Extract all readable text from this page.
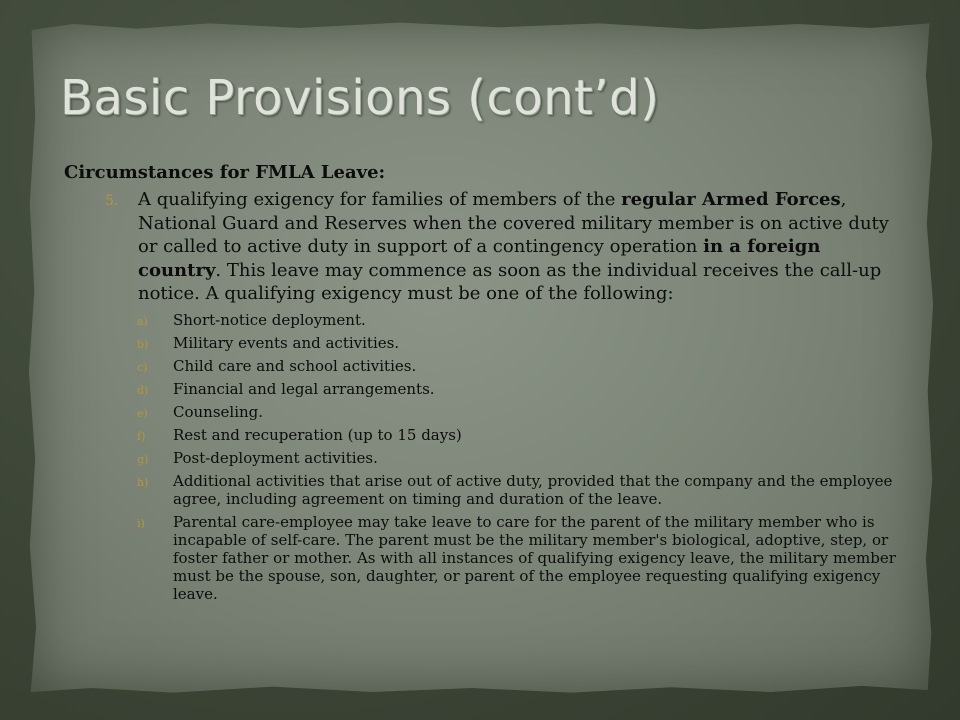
Basic Provisions (cont’d)

Circumstances for FMLA Leave:

5. A qualifying exigency for families of members of the regular Armed Forces, National Guard and Reserves when the covered military member is on active duty or called to active duty in support of a contingency operation in a foreign country. This leave may commence as soon as the individual receives the call-up notice. A qualifying exigency must be one of the following:

a) Short-notice deployment.
b) Military events and activities.
c) Child care and school activities.
d) Financial and legal arrangements.
e) Counseling.
f) Rest and recuperation (up to 15 days)
g) Post-deployment activities.
h) Additional activities that arise out of active duty, provided that the company and the employee agree, including agreement on timing and duration of the leave.
i) Parental care-employee may take leave to care for the parent of the military member who is incapable of self-care. The parent must be the military member's biological, adoptive, step, or foster father or mother. As with all instances of qualifying exigency leave, the military member must be the spouse, son, daughter, or parent of the employee requesting qualifying exigency leave.
